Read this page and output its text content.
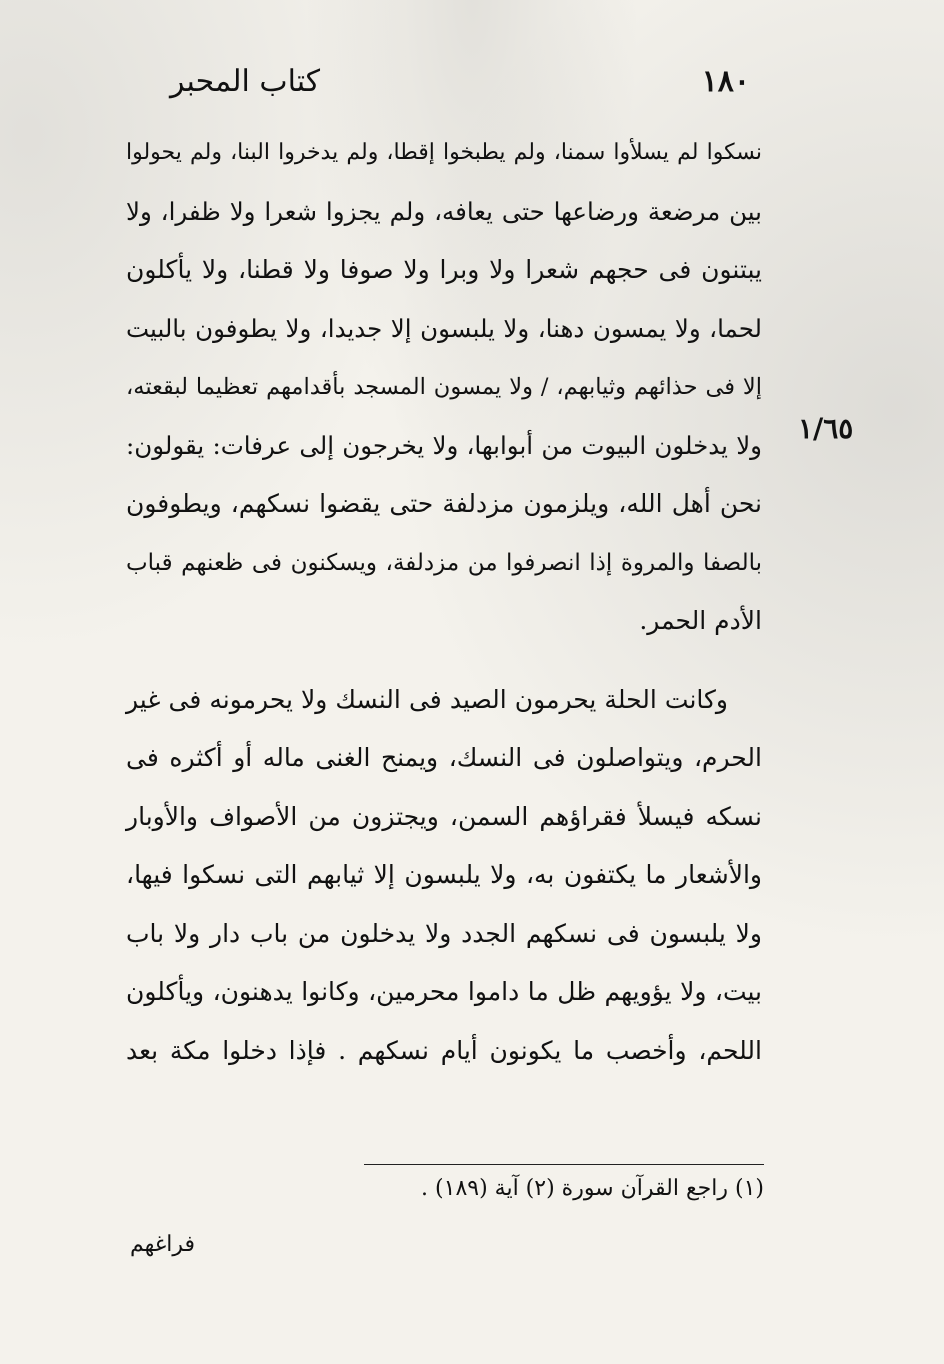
١٨٠
كتاب المحبر
١/٦٥
نسكوا لم يسلأوا سمنا، ولم يطبخوا إقطا، ولم يدخروا البنا، ولم يحولوا
بين مرضعة ورضاعها حتى يعافه، ولم يجزوا شعرا ولا ظفرا، ولا
يبتنون فى حجهم شعرا ولا وبرا ولا صوفا ولا قطنا، ولا يأكلون
لحما، ولا يمسون دهنا، ولا يلبسون إلا جديدا، ولا يطوفون بالبيت
إلا فى حذائهم وثيابهم، / ولا يمسون المسجد بأقدامهم تعظيما لبقعته،
ولا يدخلون البيوت من أبوابها، ولا يخرجون إلى عرفات: يقولون:
نحن أهل الله، ويلزمون مزدلفة حتى يقضوا نسكهم، ويطوفون
بالصفا والمروة إذا انصرفوا من مزدلفة، ويسكنون فى ظعنهم قباب
الأدم الحمر.
وكانت الحلة يحرمون الصيد فى النسك ولا يحرمونه فى غير
الحرم، ويتواصلون فى النسك، ويمنح الغنى ماله أو أكثره فى
نسكه فيسلأ فقراؤهم السمن، ويجتزون من الأصواف والأوبار
والأشعار ما يكتفون به، ولا يلبسون إلا ثيابهم التى نسكوا فيها،
ولا يلبسون فى نسكهم الجدد ولا يدخلون من باب دار ولا باب
بيت، ولا يؤويهم ظل ما داموا محرمين، وكانوا يدهنون، ويأكلون
اللحم، وأخصب ما يكونون أيام نسكهم . فإذا دخلوا مكة بعد
(١) راجع القرآن سورة (٢) آية (١٨٩) .
فراغهم
